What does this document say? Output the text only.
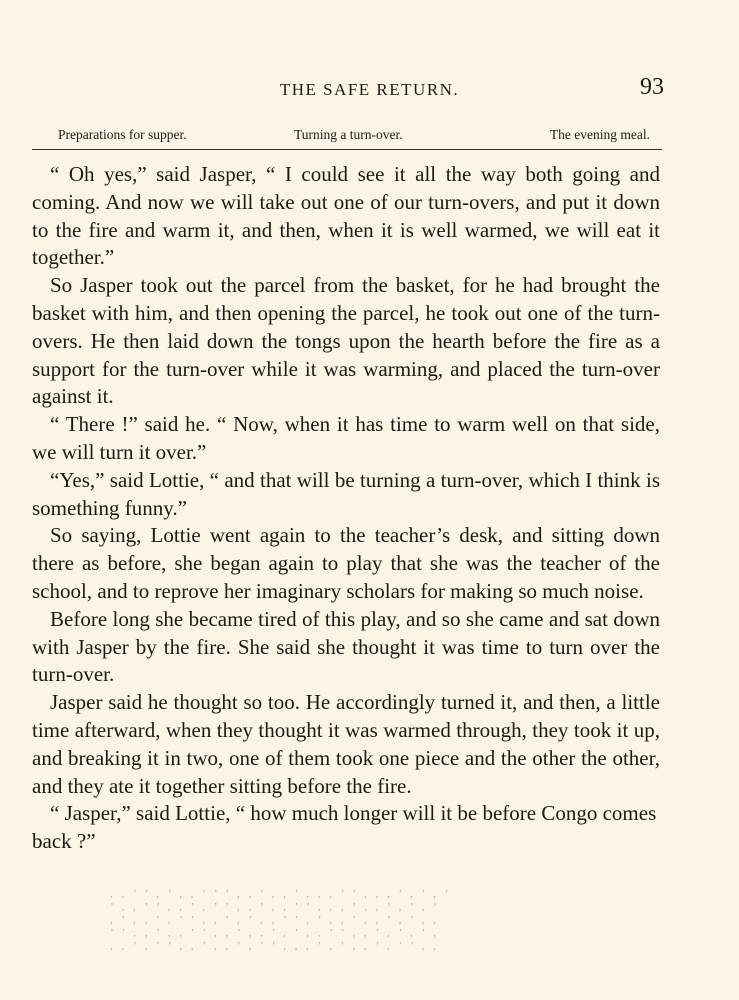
THE SAFE RETURN.	93
Preparations for supper.	Turning a turn-over.	The evening meal.

“ Oh yes,” said Jasper, “ I could see it all the way both going and coming. And now we will take out one of our turn-overs, and put it down to the fire and warm it, and then, when it is well warmed, we will eat it together.”

So Jasper took out the parcel from the basket, for he had brought the basket with him, and then opening the parcel, he took out one of the turn-overs. He then laid down the tongs upon the hearth before the fire as a support for the turn-over while it was warming, and placed the turn-over against it.

“ There !” said he. “ Now, when it has time to warm well on that side, we will turn it over.”

“Yes,” said Lottie, “ and that will be turning a turn-over, which I think is something funny.”

So saying, Lottie went again to the teacher’s desk, and sitting down there as before, she began again to play that she was the teacher of the school, and to reprove her imaginary scholars for making so much noise.

Before long she became tired of this play, and so she came and sat down with Jasper by the fire. She said she thought it was time to turn over the turn-over.

Jasper said he thought so too. He accordingly turned it, and then, a little time afterward, when they thought it was warmed through, they took it up, and breaking it in two, one of them took one piece and the other the other, and they ate it together sitting before the fire.

“ Jasper,” said Lottie, “ how much longer will it be before Congo comes back ?”

, , ’ ’ , ’ , , ’ ’ ’ , , ’ , , ’ , , , ’ ’ , , , ’ , ’ , ’
’ , , ’ ’ , , ’ , ’ ’ , , ’ , , ’ ’ , , , ’ , , ’ , ’ , ’
, ’ , , ’ , ’ ’ , , ’ , ’ , , ’ ’ , ’ , , ’ , , ’ , ’ , ,
’ ’ , , ’ , , ’ ’ , , ’ , , ’ , ’ , , ’ ’ , , ’ , ’ , ’ ,
, , ’ , ’ ’ , , ’ , , ’ , ’ ’ , , , ’ , ’ , , ’ , ’ ’ , ,
